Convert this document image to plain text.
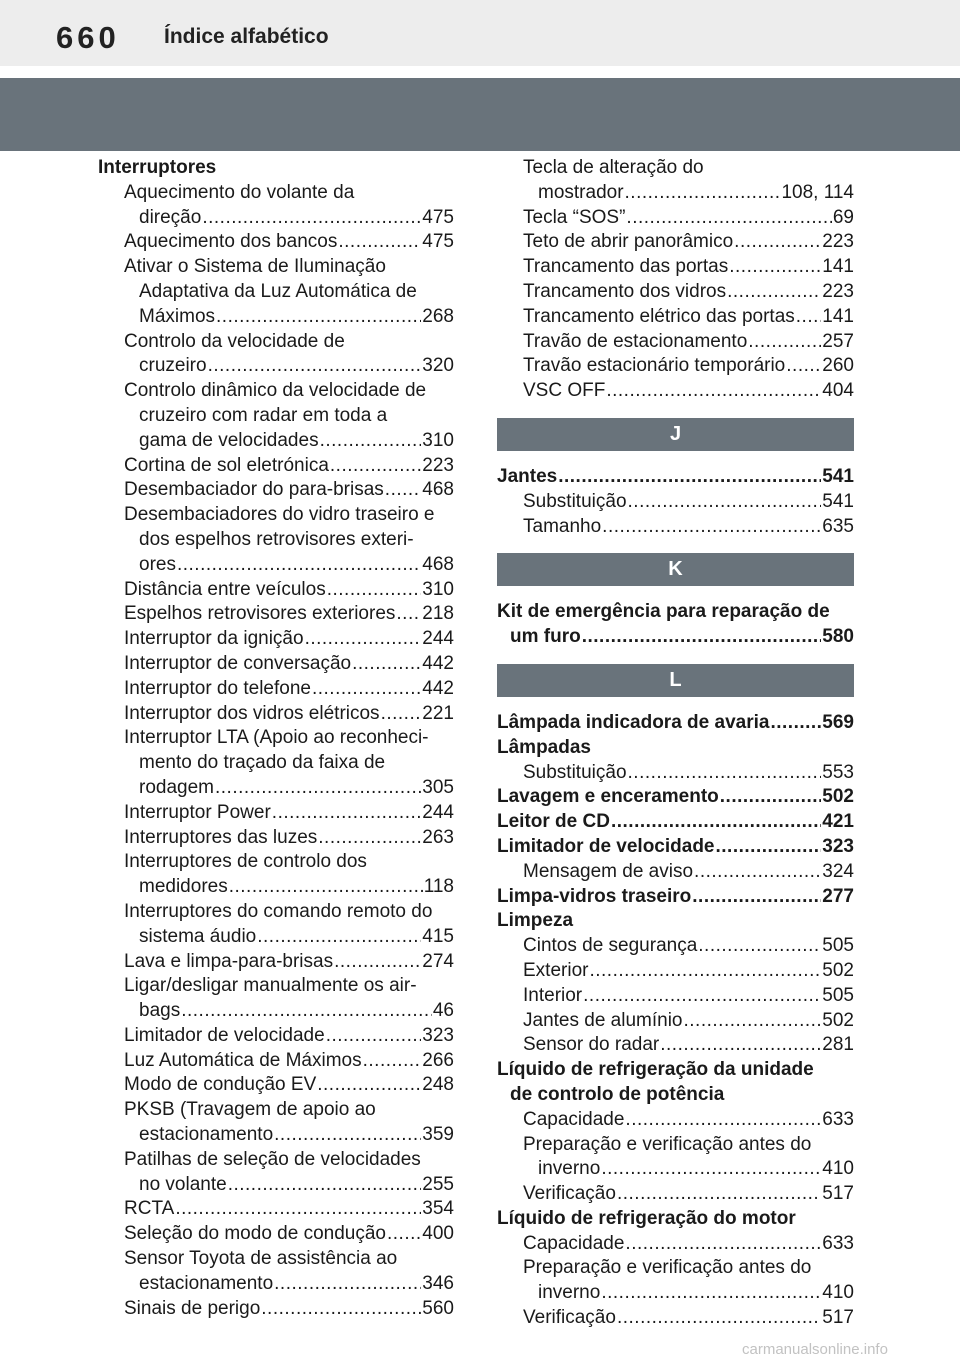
660 Índice alfabético
Interruptores
Aquecimento do volante da
direção .....	475
Aquecimento dos bancos .....	475
Ativar o Sistema de Iluminação
Adaptativa da Luz Automática de
Máximos .....	268
Controlo da velocidade de
cruzeiro .....	320
Controlo dinâmico da velocidade de
cruzeiro com radar em toda a
gama de velocidades .....	310
Cortina de sol eletrónica .....	223
Desembaciador do para-brisas ..... 468
Desembaciadores do vidro traseiro e
dos espelhos retrovisores exteri-
ores .....	468
Distância entre veículos .....	310
Espelhos retrovisores exteriores ..... 218
Interruptor da ignição .....	244
Interruptor de conversação .....	442
Interruptor do telefone .....	442
Interruptor dos vidros elétricos ..... 221
Interruptor LTA (Apoio ao reconheci-
mento do traçado da faixa de
rodagem .....	305
Interruptor Power .....	244
Interruptores das luzes .....	263
Interruptores de controlo dos
medidores .....	118
Interruptores do comando remoto do
sistema áudio .....	415
Lava e limpa-para-brisas .....	274
Ligar/desligar manualmente os air-
bags .....	46
Limitador de velocidade .....	323
Luz Automática de Máximos .....	266
Modo de condução EV .....	248
PKSB (Travagem de apoio ao
estacionamento .....	359
Patilhas de seleção de velocidades
no volante .....	255
RCTA .....	354
Seleção do modo de condução ..... 400
Sensor Toyota de assistência ao
estacionamento .....	346
Sinais de perigo .....	560
Tecla de alteração do
mostrador .....	108, 114
Tecla “SOS” .....	69
Teto de abrir panorâmico .....	223
Trancamento das portas .....	141
Trancamento dos vidros .....	223
Trancamento elétrico das portas ..... 141
Travão de estacionamento .....	257
Travão estacionário temporário ..... 260
VSC OFF .....	404
J
Jantes .....	541
Substituição .....	541
Tamanho .....	635
K
Kit de emergência para reparação de
um furo .....	580
L
Lâmpada indicadora de avaria .....	569
Lâmpadas
Substituição .....	553
Lavagem e enceramento .....	502
Leitor de CD .....	421
Limitador de velocidade .....	323
Mensagem de aviso .....	324
Limpa-vidros traseiro .....	277
Limpeza
Cintos de segurança .....	505
Exterior .....	502
Interior .....	505
Jantes de alumínio .....	502
Sensor do radar .....	281
Líquido de refrigeração da unidade
de controlo de potência
Capacidade .....	633
Preparação e verificação antes do
inverno .....	410
Verificação .....	517
Líquido de refrigeração do motor
Capacidade .....	633
Preparação e verificação antes do
inverno .....	410
Verificação .....	517
carmanualsonline.info
